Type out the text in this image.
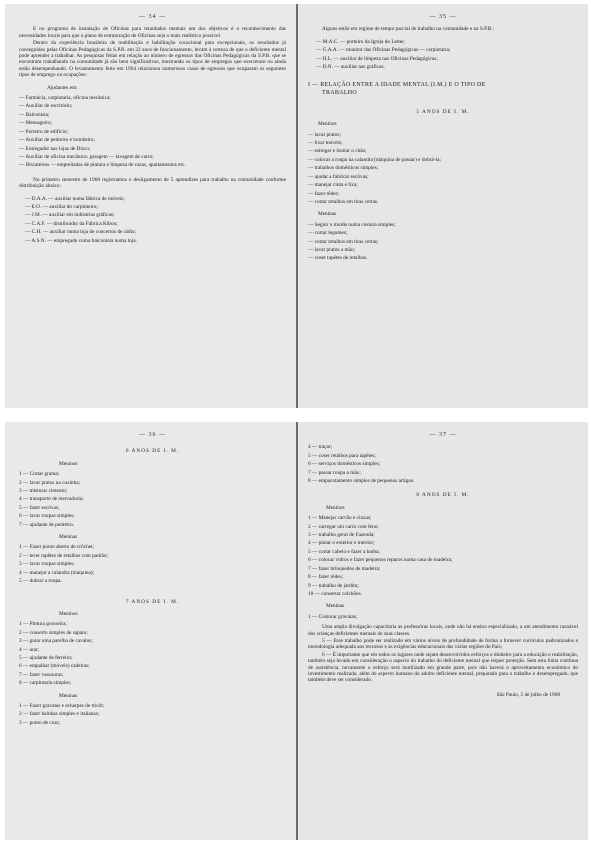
— 34 —

E no programa de instalação de Oficinas para retardados mentais um dos objetivos é o reconhecimento das necessidades locais para que o plano de estruturação de Oficinas seja o mais realístico possível.

Dentro da experiência brasileira de reabilitação e habilitação vocacional para excepcionais, os resultados já conseguidos pelas Oficinas Pedagógicas da S.P.B. em 22 anos de funcionamento, levam à certeza de que o deficiente mental pode aprender a trabalhar. As pesquisas feitas em relação ao número de egressos das Oficinas Pedagógicas da S.P.B. que se encontram trabalhando na comunidade já são bem significativas, mostrando os tipos de empregos que exerceram ou ainda estão desempenhando. O levantamento feito em 1964 relacionou numerosos casos de egressos que ocuparam os seguintes tipos de emprego ou ocupações:

Ajudantes em:
— Farmácia, carpintaria, oficina mecânica;
— Auxiliar de escritório;
— Balconista;
— Mensageiro;
— Porteiro de edifício;
— Auxiliar de pedreiro e bombeiro;
— Entregador nas lojas de Disco;
— Auxiliar de oficina mecânica: garagem — lavagem de carro;
— Biscateiros — empreitadas de pintura e limpeza de casas, apartamentos etc.

No primeiro semestre de 1968 registramos o desligamento de 5 aprendizes para trabalho na comunidade conforme distribuição abaixo:

— D.A.A. — auxiliar numa fábrica de móveis;
— E.O. — auxiliar do carpinteiro;
— J.M. — auxiliar em indústrias gráficas;
— C.A.F. — distribuidor da Fábrica Kibon;
— C.H. — auxiliar numa loja de concertos de rádio;
— A.S.N. — empregado como balconista numa loja.
— 35 —

Alguns estão em regime de tempo parcial de trabalho na comunidade e na S.P.B.:

— M.A.C. — porteiro da Igreja do Leme;
— G.A.A. — monitor das Oficinas Pedagógicas — carpintaria;
— H.L. — auxiliar de limpeza nas Oficinas Pedagógicas;
— D.N. — auxiliar nas gráficas.
I — RELAÇÃO ENTRE A IDADE MENTAL (I.M.) E O TIPO DE
TRABALHO
5 ANOS DE I. M.
Meninos
— lavar pratos;
— lixar móveis;
— estregar e lustrar o chão;
— colocar a roupa na calandra (máquina de passar) e dobrá-la;
— trabalhos domésticos simples;
— ajudar a fabricar escôvas;
— manejar cinta e lixa;
— fazer rêdes;
— cortar retalhos em tiras certas.
Meninas
— Seguir o molde numa costura simples;
— cortar legumes;
— cortar retalhos em tiras certas;
— lavar pratos a mão;
— coser tapêtes de retalhos.
— 36 —
6 ANOS DE I. M.
Meninos
1 — Cortar grama;
2 — lavar pratos na cozinha;
3 — misturar cimento;
4 — transporte de mercadoria;
5 — fazer escôvas;
6 — lavar roupas simples;
7 — ajudante de pedreiro.
Meninas
1 — Fazer ponto aberto de crôchet;
2 — tecer tapêtes de retalhos com padrão;
3 — lavar roupas simples;
4 — manejar a calandra (máquina);
5 — dobrar a roupa.
7 ANOS DE I. M.
Meninos
1 — Pintura grosseira;
2 — conserto simples de sapato;
3 — guiar uma parelha de cavalos;
4 — arar;
5 — ajudante de ferreiro;
6 — empalhar (móveis) cadeiras;
7 — fazer vassouras;
8 — carpintaria simples;
Meninas
1 — Fazer gravatas e echarpes de tricôt;
2 — fazer bainhas simples e italianas;
3 — ponto de cruz;
— 37 —
4 — traçar;
5 — coser retalhos para tapêtes;
6 — serviços domésticos simples;
7 — passar roupa a mão;
8 — empacotamento simples de pequenos artigos.
8 ANOS DE I. M.
Meninos
1 — Manejar carvão e cinzas;
2 — carregar um carro com feno;
3 — trabalho geral de Fazenda;
4 — pintar o exterior e interior;
5 — cortar cabelo e fazer a barba;
6 — colocar vidros e fazer pequenos reparos numa casa de madeira;
7 — fazer brinquedos de madeira;
8 — fazer rêdes;
9 — trabalho de jardim;
10 — consertar colchões.
Meninas
1 — Costurar gravatas;

Uma ampla divulgação capacitaria as professôras locais, onde não há ensino especializado, a um atendimento razoável dos crianças deficientes mentais de suas classes.

5 — Esse trabalho pode ser realizado em vários níveis de profundidade de forma a fornecer currículos padronizados e metodologia adequada aos recursos e às exigências educacionais das várias regiões do País;

6 — É importante que em todos os lugares onde sejam desenvolvidos esforços e dinheiro para a educação e reabilitação, também seja levado em consideração o aspecto do trabalho do deficiente mental que requer proteção. Sem esta linha contínua de assistência, novamente o esforço será inutilizado em grande parte, pois não haverá o aproveitamento econômico do investimento realizado, além do aspecto humano do adulto deficiente mental, preparado para o trabalho e desempregado, que também deve ser considerado.

São Paulo, 5 de julho de 1968
